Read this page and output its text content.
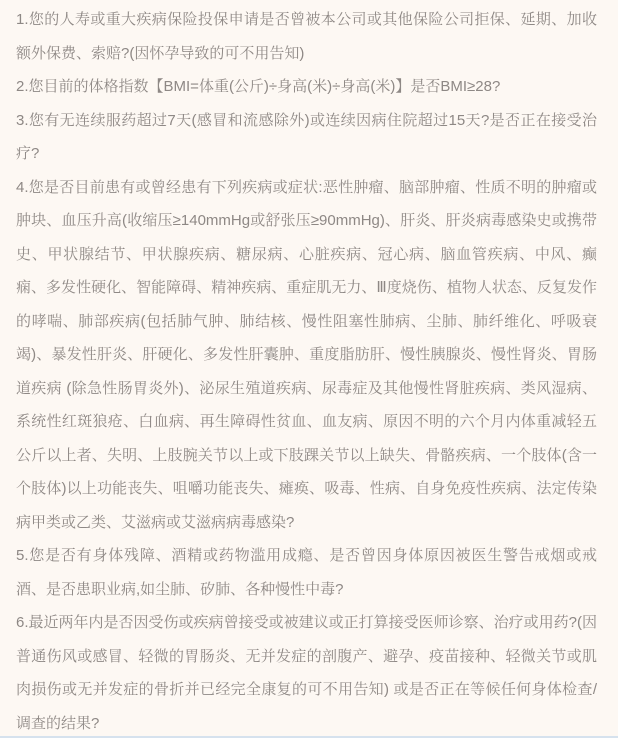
1.您的人寿或重大疾病保险投保申请是否曾被本公司或其他保险公司拒保、延期、加收额外保费、索赔?(因怀孕导致的可不用告知)

2.您目前的体格指数【BMI=体重(公斤)÷身高(米)÷身高(米)】是否BMI≥28?

3.您有无连续服药超过7天(感冒和流感除外)或连续因病住院超过15天?是否正在接受治疗?

4.您是否目前患有或曾经患有下列疾病或症状:恶性肿瘤、脑部肿瘤、性质不明的肿瘤或肿块、血压升高(收缩压≥140mmHg或舒张压≥90mmHg)、肝炎、肝炎病毒感染史或携带史、甲状腺结节、甲状腺疾病、糖尿病、心脏疾病、冠心病、脑血管疾病、中风、癫痫、多发性硬化、智能障碍、精神疾病、重症肌无力、Ⅲ度烧伤、植物人状态、反复发作的哮喘、肺部疾病(包括肺气肿、肺结核、慢性阻塞性肺病、尘肺、肺纤维化、呼吸衰竭)、暴发性肝炎、肝硬化、多发性肝囊肿、重度脂肪肝、慢性胰腺炎、慢性肾炎、胃肠道疾病 (除急性肠胃炎外)、泌尿生殖道疾病、尿毒症及其他慢性肾脏疾病、类风湿病、系统性红斑狼疮、白血病、再生障碍性贫血、血友病、原因不明的六个月内体重减轻五公斤以上者、失明、上肢腕关节以上或下肢踝关节以上缺失、骨骼疾病、一个肢体(含一个肢体)以上功能丧失、咀嚼功能丧失、瘫痪、吸毒、性病、自身免疫性疾病、法定传染病甲类或乙类、艾滋病或艾滋病病毒感染?

5.您是否有身体残障、酒精或药物滥用成瘾、是否曾因身体原因被医生警告戒烟或戒酒、是否患职业病,如尘肺、矽肺、各种慢性中毒?

6.最近两年内是否因受伤或疾病曾接受或被建议或正打算接受医师诊察、治疗或用药?(因普通伤风或感冒、轻微的胃肠炎、无并发症的剖腹产、避孕、疫苗接种、轻微关节或肌肉损伤或无并发症的骨折并已经完全康复的可不用告知) 或是否正在等候任何身体检查/调查的结果?
